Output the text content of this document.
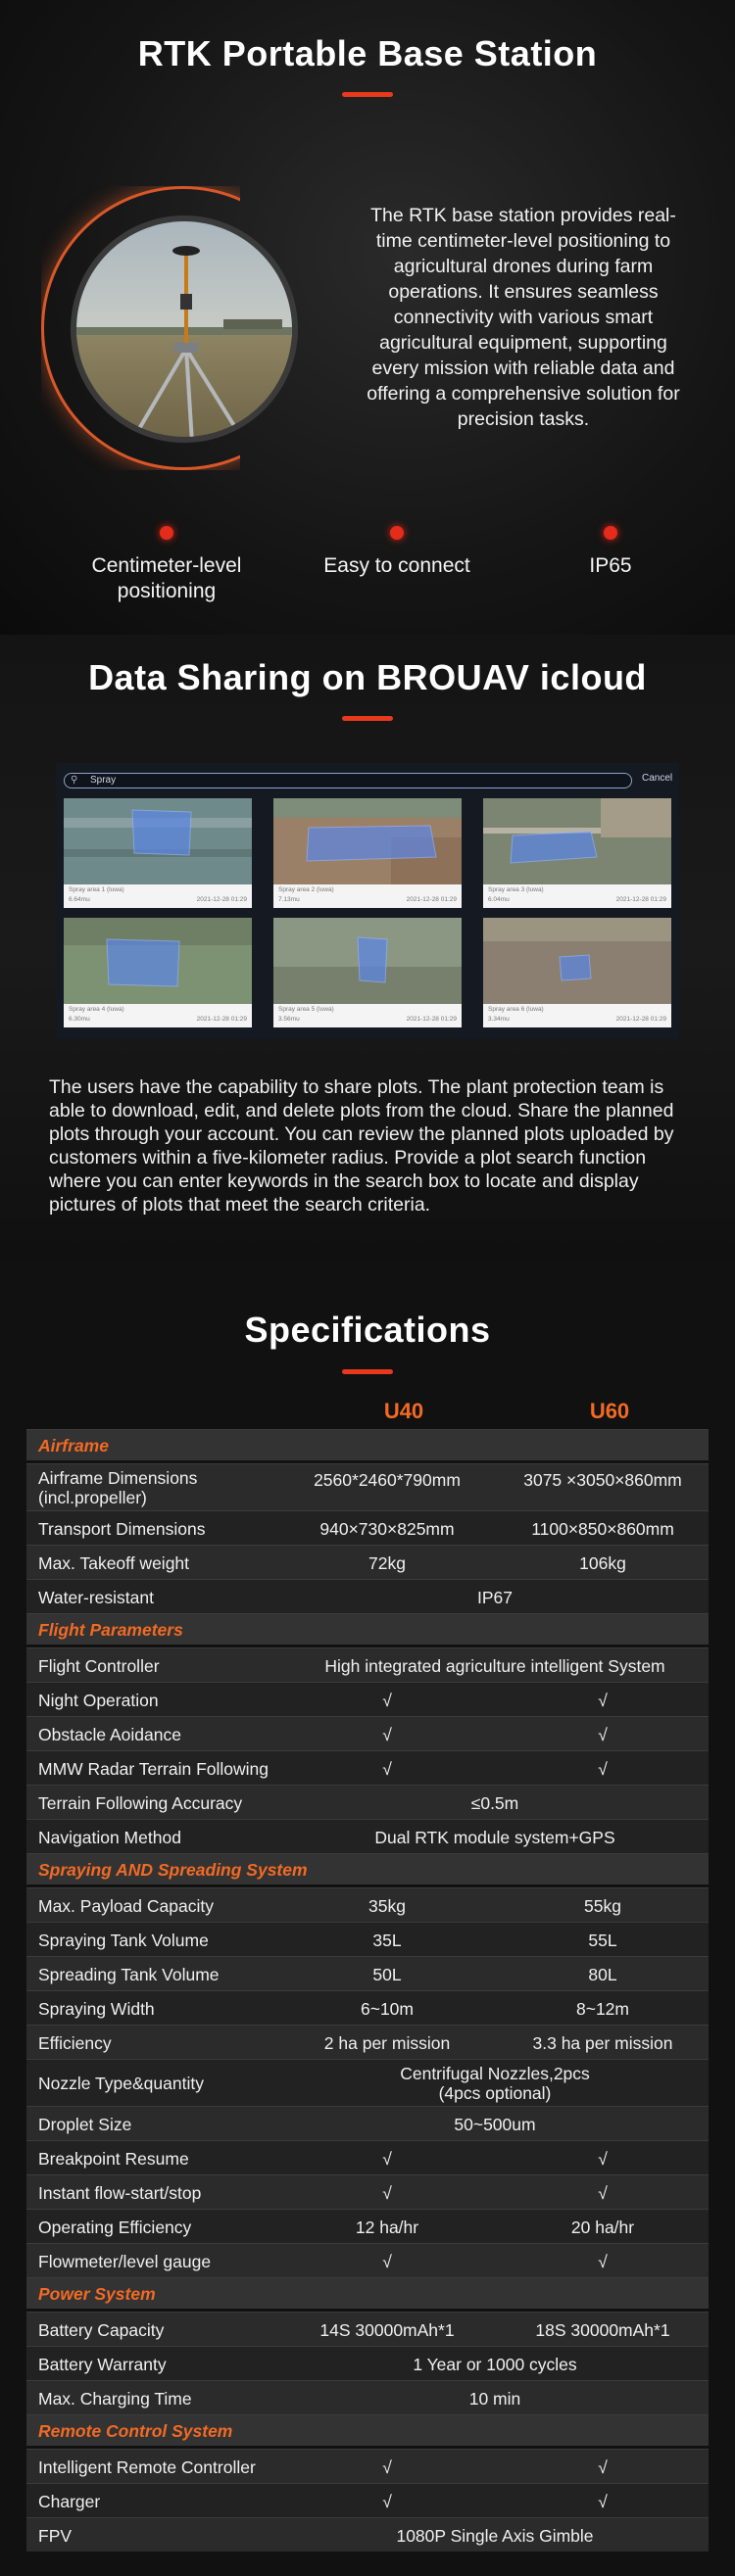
RTK Portable Base Station

The RTK base station provides real-time centimeter-level positioning to agricultural drones during farm operations. It ensures seamless connectivity with various smart agricultural equipment, supporting every mission with reliable data and offering a comprehensive solution for precision tasks.

Centimeter-level positioning
Easy to connect	IP65
Data Sharing on BROUAV icloud
⚲ Spray	Cancel
Spray area 1 (luwa)
6.64mu	2021-12-28 01:29
Spray area 2 (luwa)
7.13mu	2021-12-28 01:29
Spray area 3 (luwa)
6.04mu	2021-12-28 01:29
Spray area 4 (luwa)
6.30mu	2021-12-28 01:29
Spray area 5 (luwa)
3.56mu	2021-12-28 01:29
Spray area 6 (luwa)
3.34mu	2021-12-28 01:29

The users have the capability to share plots. The plant protection team is able to download, edit, and delete plots from the cloud. Share the planned plots through your account. You can review the planned plots uploaded by customers within a five-kilometer radius. Provide a plot search function where you can enter keywords in the search box to locate and display pictures of plots that meet the search criteria.

Specifications
U40	U60
Airframe
Airframe Dimensions (incl.propeller)
2560*2460*790mm	3075 ×3050×860mm
Transport Dimensions	940×730×825mm	1100×850×860mm
Max. Takeoff weight	72kg	106kg
Water-resistant	IP67
Flight Parameters
Flight Controller	High integrated agriculture intelligent System
Night Operation	√	√
Obstacle Aoidance	√	√
MMW Radar Terrain Following	√	√
Terrain Following Accuracy	≤0.5m
Navigation Method	Dual RTK module system+GPS
Spraying AND Spreading System
Max. Payload Capacity	35kg	55kg
Spraying Tank Volume	35L	55L
Spreading Tank Volume	50L	80L
Spraying Width	6~10m	8~12m
Efficiency	2 ha per mission	3.3 ha per mission
Nozzle Type&quantity	Centrifugal Nozzles,2pcs
(4pcs optional)
Droplet Size	50~500um
Breakpoint Resume	√	√
Instant flow-start/stop	√	√
Operating Efficiency	12 ha/hr	20 ha/hr
Flowmeter/level gauge	√	√
Power System
Battery Capacity	14S 30000mAh*1	18S 30000mAh*1
Battery Warranty	1 Year or 1000 cycles
Max. Charging Time	10 min
Remote Control System
Intelligent Remote Controller	√	√
Charger	√	√
FPV	1080P Single Axis Gimble
